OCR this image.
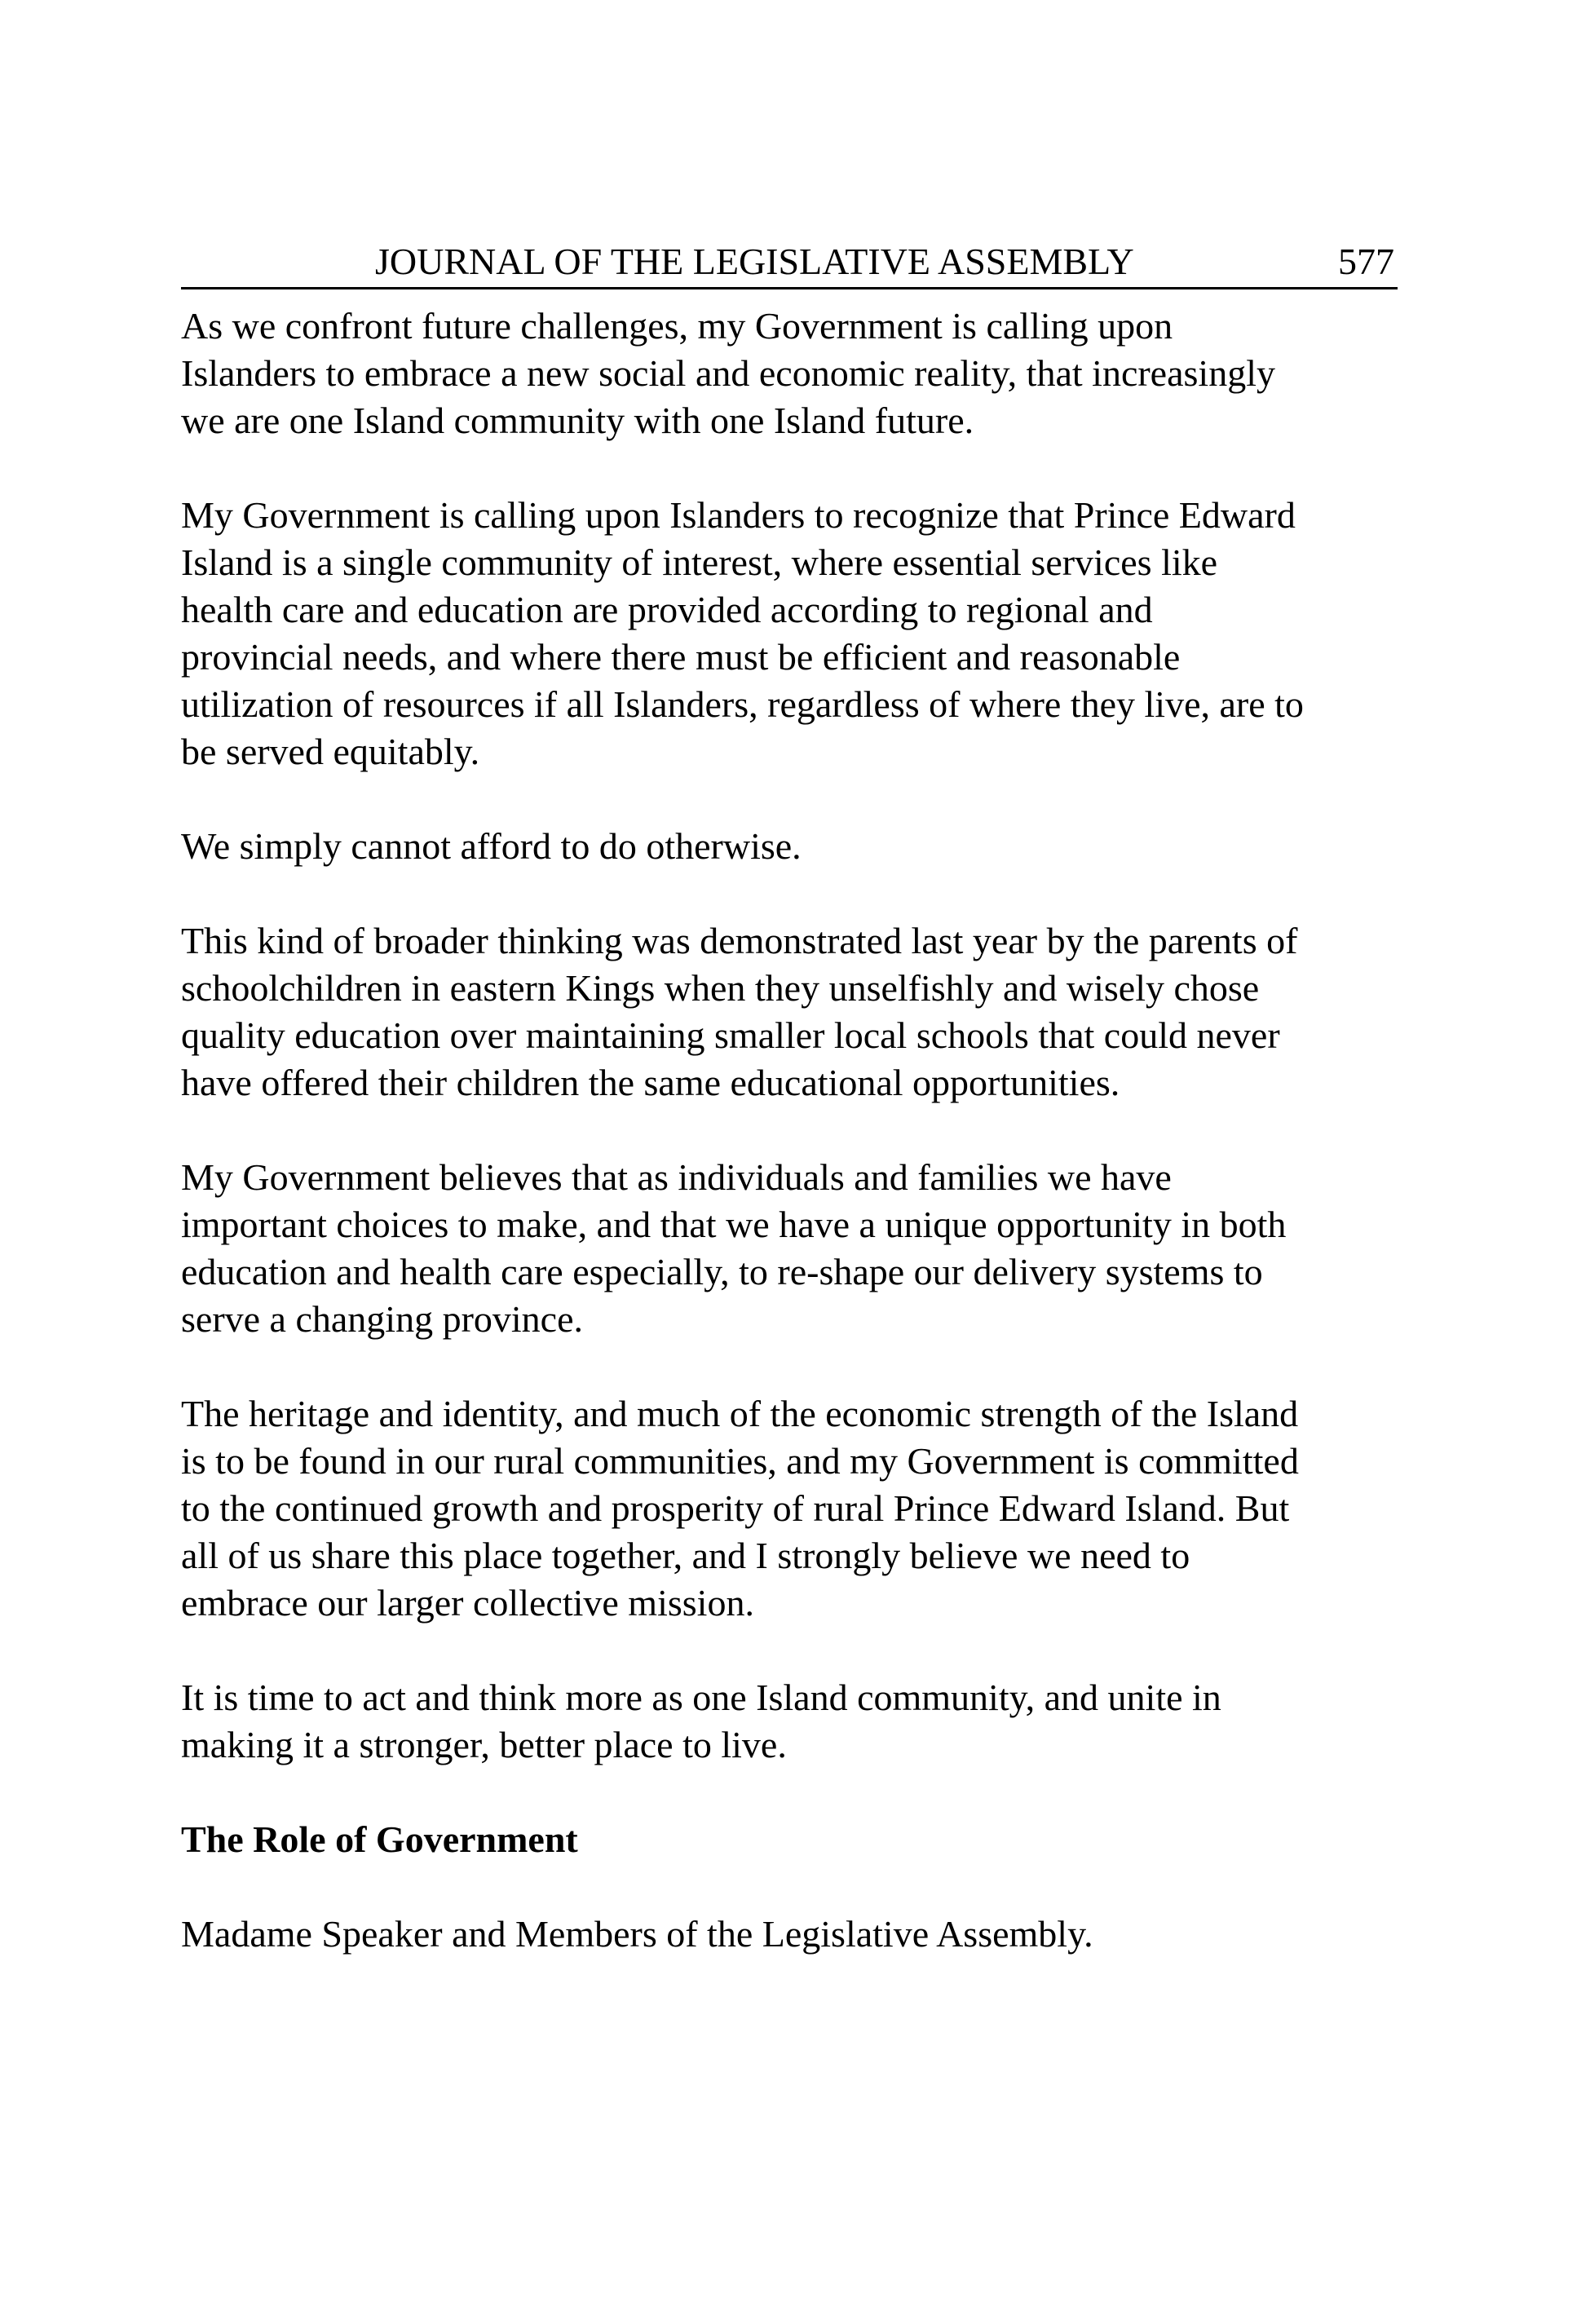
JOURNAL OF THE LEGISLATIVE ASSEMBLY	577

As we confront future challenges, my Government is calling upon
Islanders to embrace a new social and economic reality, that increasingly
we are one Island community with one Island future.

My Government is calling upon Islanders to recognize that Prince Edward
Island is a single community of interest, where essential services like
health care and education are provided according to regional and
provincial needs, and where there must be efficient and reasonable
utilization of resources if all Islanders, regardless of where they live, are to
be served equitably.

We simply cannot afford to do otherwise.

This kind of broader thinking was demonstrated last year by the parents of
schoolchildren in eastern Kings when they unselfishly and wisely chose
quality education over maintaining smaller local schools that could never
have offered their children the same educational opportunities.

My Government believes that as individuals and families we have
important choices to make, and that we have a unique opportunity in both
education and health care especially, to re-shape our delivery systems to
serve a changing province.

The heritage and identity, and much of the economic strength of the Island
is to be found in our rural communities, and my Government is committed
to the continued growth and prosperity of rural Prince Edward Island. But
all of us share this place together, and I strongly believe we need to
embrace our larger collective mission.

It is time to act and think more as one Island community, and unite in
making it a stronger, better place to live.

The Role of Government

Madame Speaker and Members of the Legislative Assembly.
